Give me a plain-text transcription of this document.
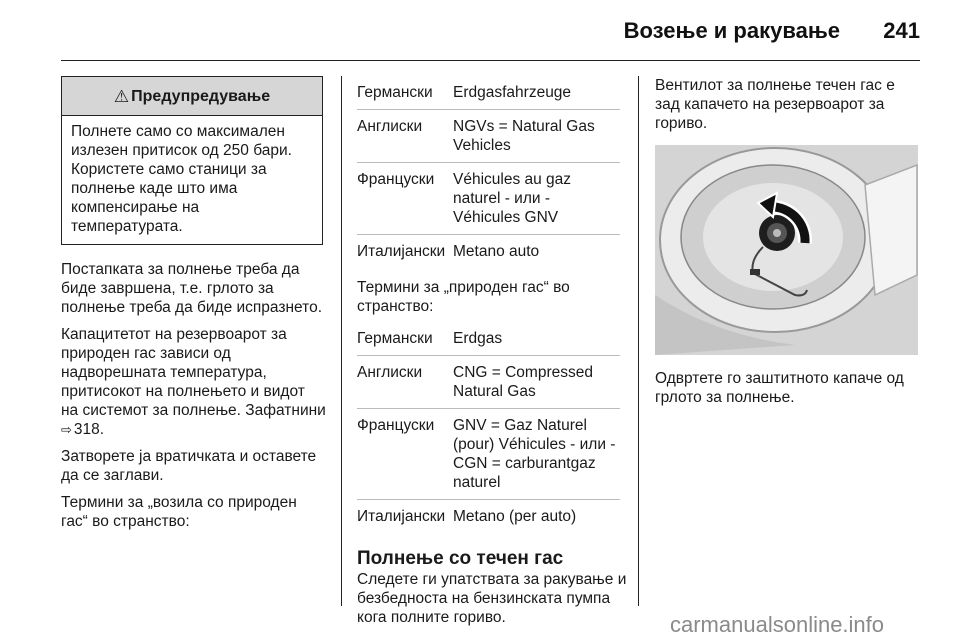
Возење и ракување 241
⚠ Предупредување
Полнете само со максимален излезен притисок од 250 бари. Користете само станици за полнење каде што има компенсирање на температурата.

Постапката за полнење треба да биде завршена, т.е. грлото за полнење треба да биде испразнето.

Капацитетот на резервоарот за природен гас зависи од надворешната температура, притисокот на полнењето и видот на системот за полнење. Зафатнини ⇨ 318.

Затворете ја вратичката и оставете да се заглави.

Термини за „возила со природен гас“ во странство:

Германски	Erdgasfahrzeuge
Англиски	NGVs = Natural Gas Vehicles
Француски	Véhicules au gaz naturel - или - Véhicules GNV
Италијански	Metano auto

Термини за „природен гас“ во странство:

Германски	Erdgas
Англиски	CNG = Compressed Natural Gas
Француски	GNV = Gaz Naturel (pour) Véhicules - или - CGN = carburantgaz naturel
Италијански	Metano (per auto)
Полнење со течен гас

Следете ги упатствата за ракување и безбедноста на бензинската пумпа кога полните гориво.

Вентилот за полнење течен гас е зад капачето на резервоарот за гориво.

Одвртете го заштитното капаче од грлото за полнење.

carmanualsonline.info
